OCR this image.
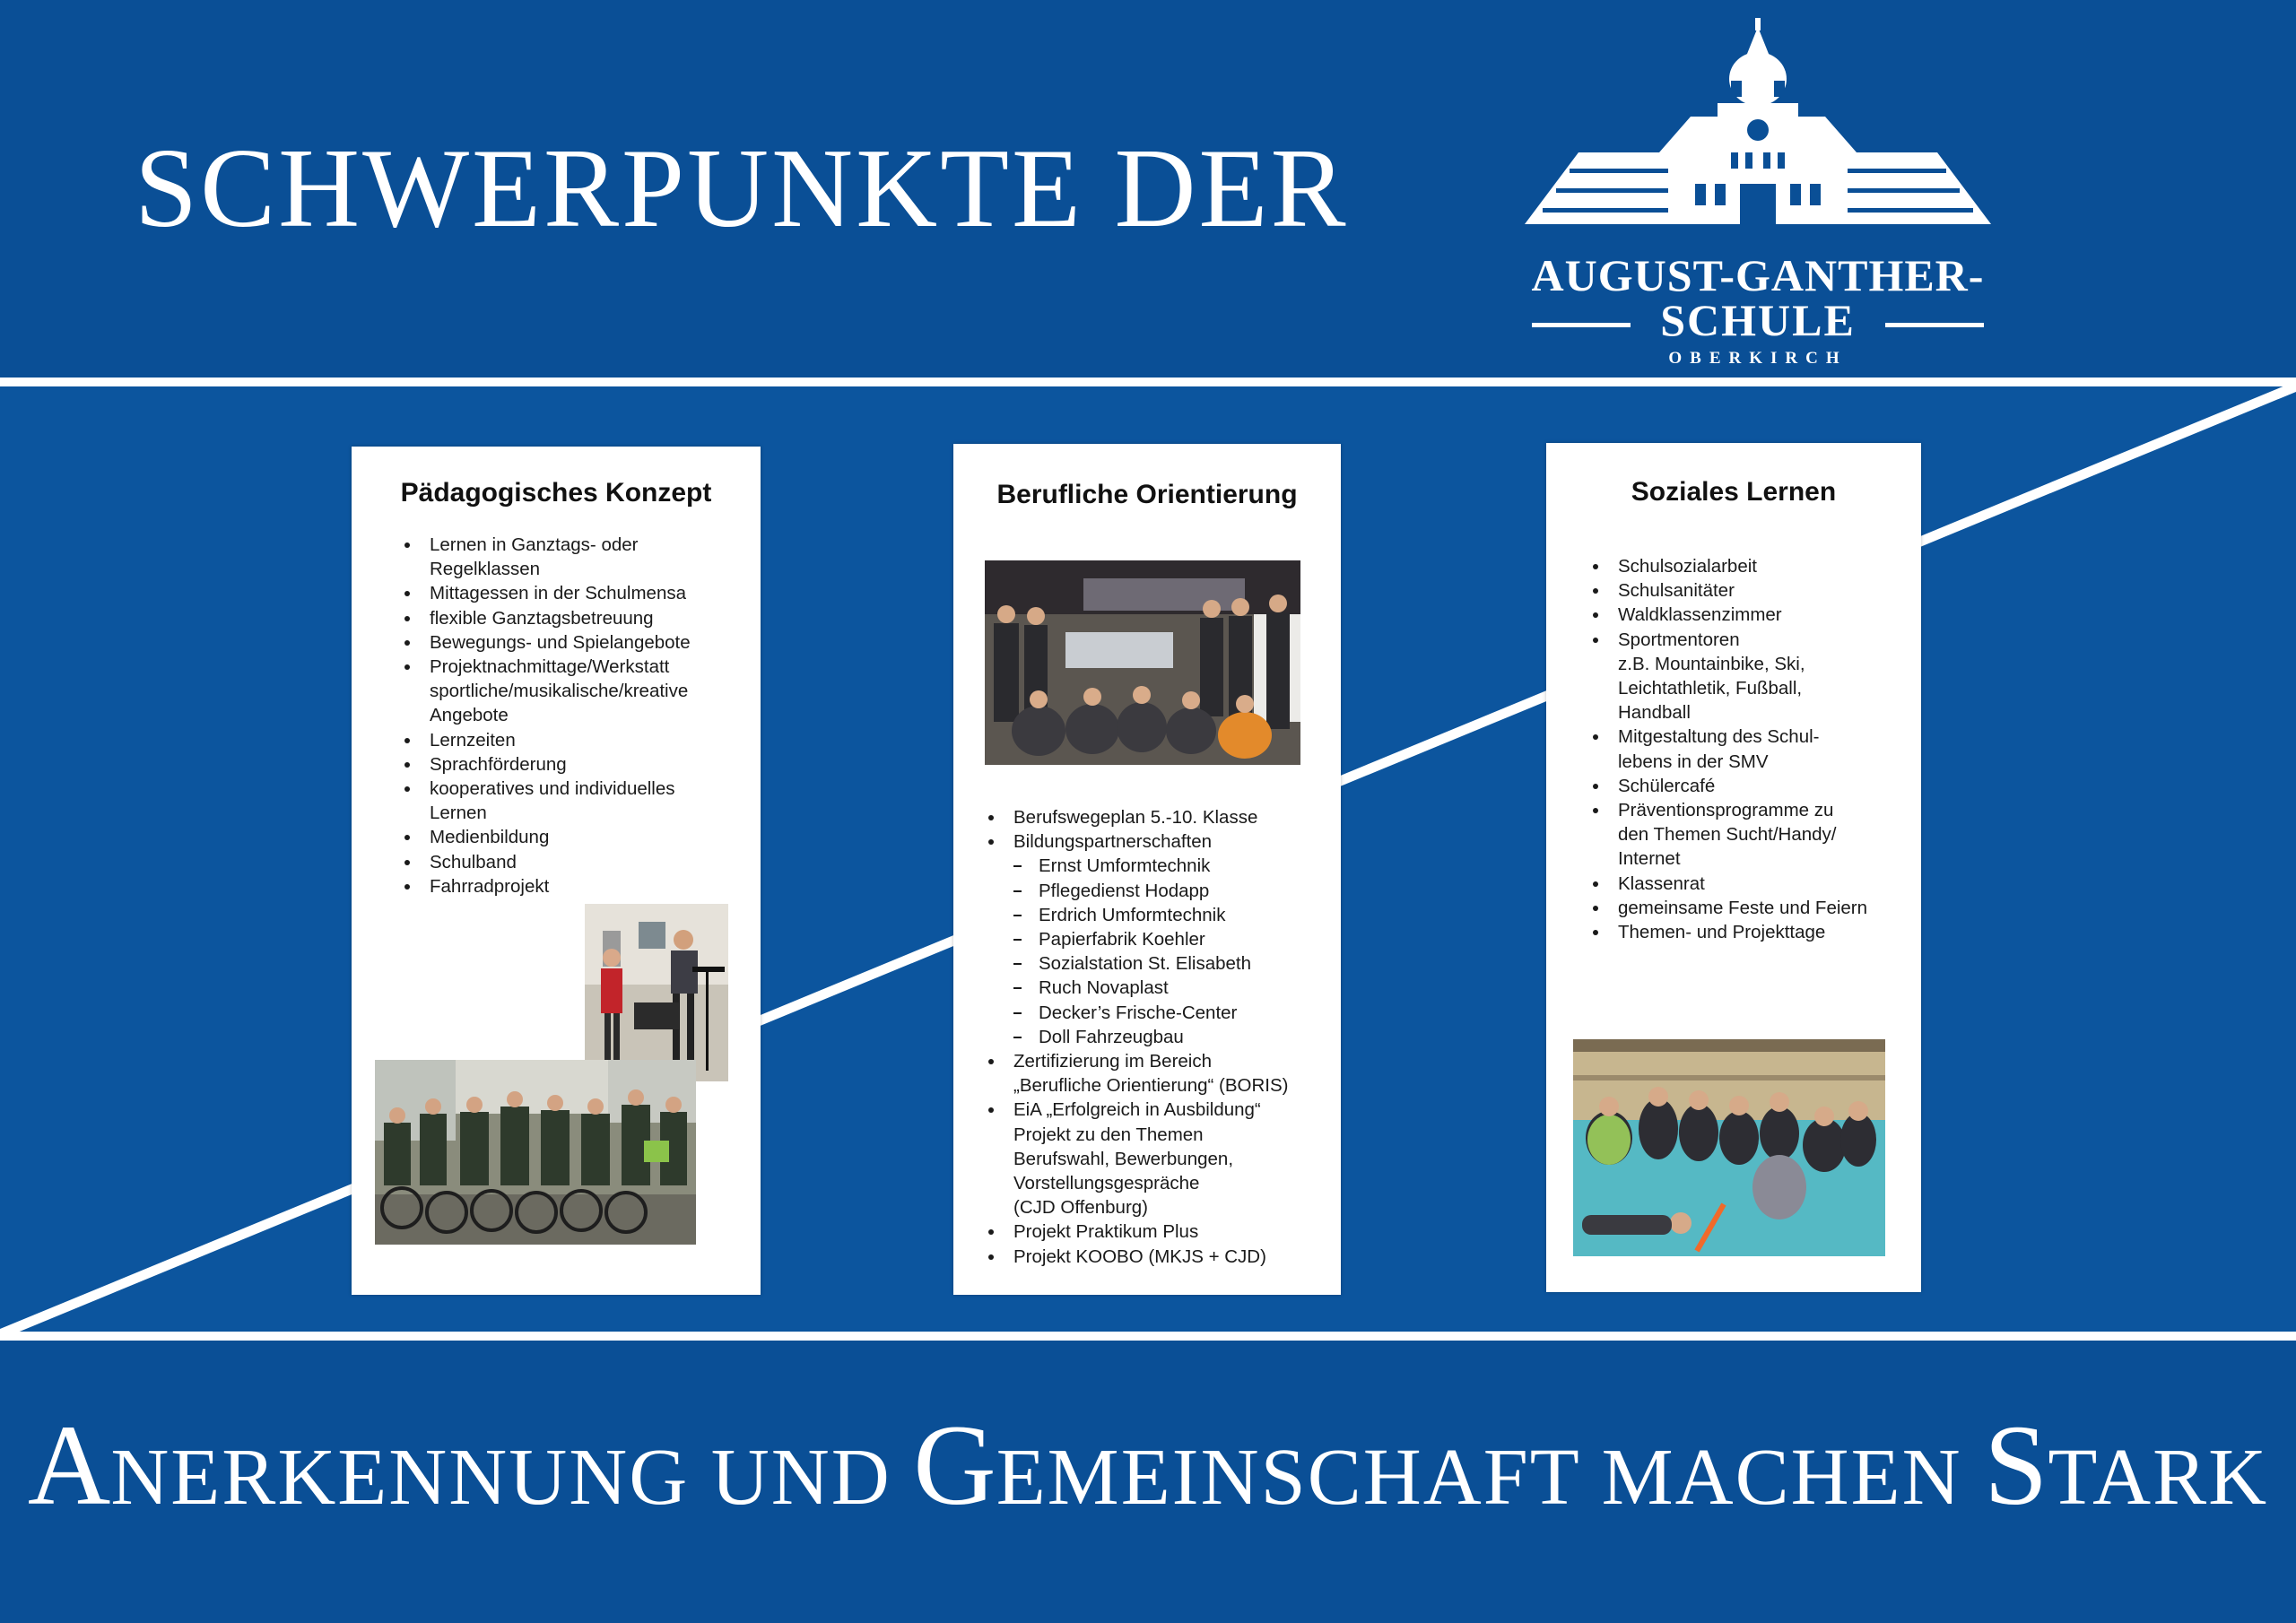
SCHWERPUNKTE DER
AUGUST-GANTHER-
SCHULE
OBERKIRCH
Pädagogisches Konzept
Lernen in Ganztags- oder
Regelklassen
Mittagessen in der Schulmensa
flexible Ganztagsbetreuung
Bewegungs- und Spielangebote
Projektnachmittage/Werkstatt
sportliche/musikalische/kreative
Angebote
Lernzeiten
Sprachförderung
kooperatives und individuelles
Lernen
Medienbildung
Schulband
Fahrradprojekt
Berufliche Orientierung
Berufswegeplan 5.-10. Klasse
Bildungspartnerschaften
Ernst Umformtechnik
Pflegedienst Hodapp
Erdrich Umformtechnik
Papierfabrik Koehler
Sozialstation St. Elisabeth
Ruch Novaplast
Decker’s Frische-Center
Doll Fahrzeugbau
Zertifizierung im Bereich
„Berufliche Orientierung“ (BORIS)
EiA „Erfolgreich in Ausbildung“
Projekt zu den Themen
Berufswahl, Bewerbungen,
Vorstellungsgespräche
(CJD Offenburg)
Projekt Praktikum Plus
Projekt KOOBO (MKJS + CJD)
Soziales Lernen
Schulsozialarbeit
Schulsanitäter
Waldklassenzimmer
Sportmentoren
z.B. Mountainbike, Ski,
Leichtathletik, Fußball,
Handball
Mitgestaltung des Schul-
lebens in der SMV
Schülercafé
Präventionsprogramme zu
den Themen Sucht/Handy/
Internet
Klassenrat
gemeinsame Feste und Feiern
Themen- und Projekttage
ANERKENNUNG UND GEMEINSCHAFT MACHEN STARK
